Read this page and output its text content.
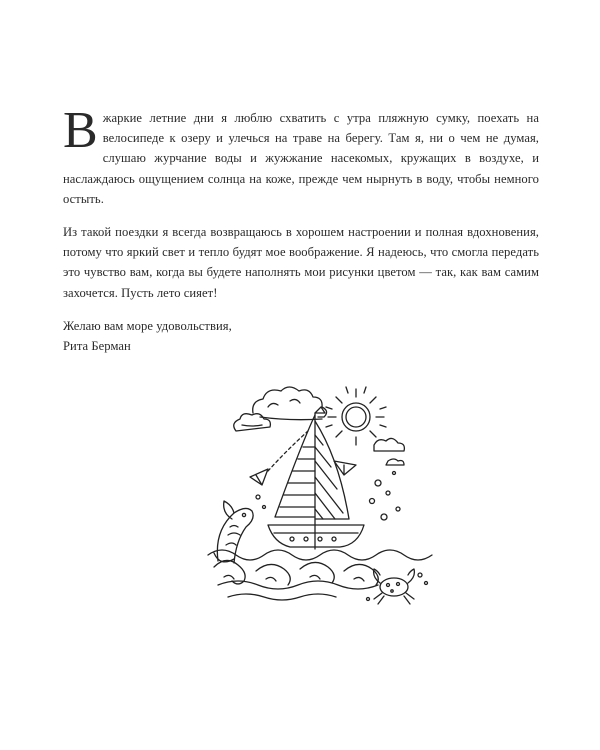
Вжаркие летние дни я люблю схватить с утра пляжную сумку, поехать на велосипеде к озеру и улечься на траве на берегу. Там я, ни о чем не думая, слушаю журчание воды и жужжание насекомых, кружащих в воздухе, и наслаждаюсь ощущением солнца на коже, прежде чем нырнуть в воду, чтобы немного остыть.

Из такой поездки я всегда возвращаюсь в хорошем настроении и полная вдохновения, потому что яркий свет и тепло будят мое воображение. Я надеюсь, что смогла передать это чувство вам, когда вы будете наполнять мои рисунки цветом — так, как вам самим захочется. Пусть лето сияет!

Желаю вам море удовольствия,

Рита Берман
